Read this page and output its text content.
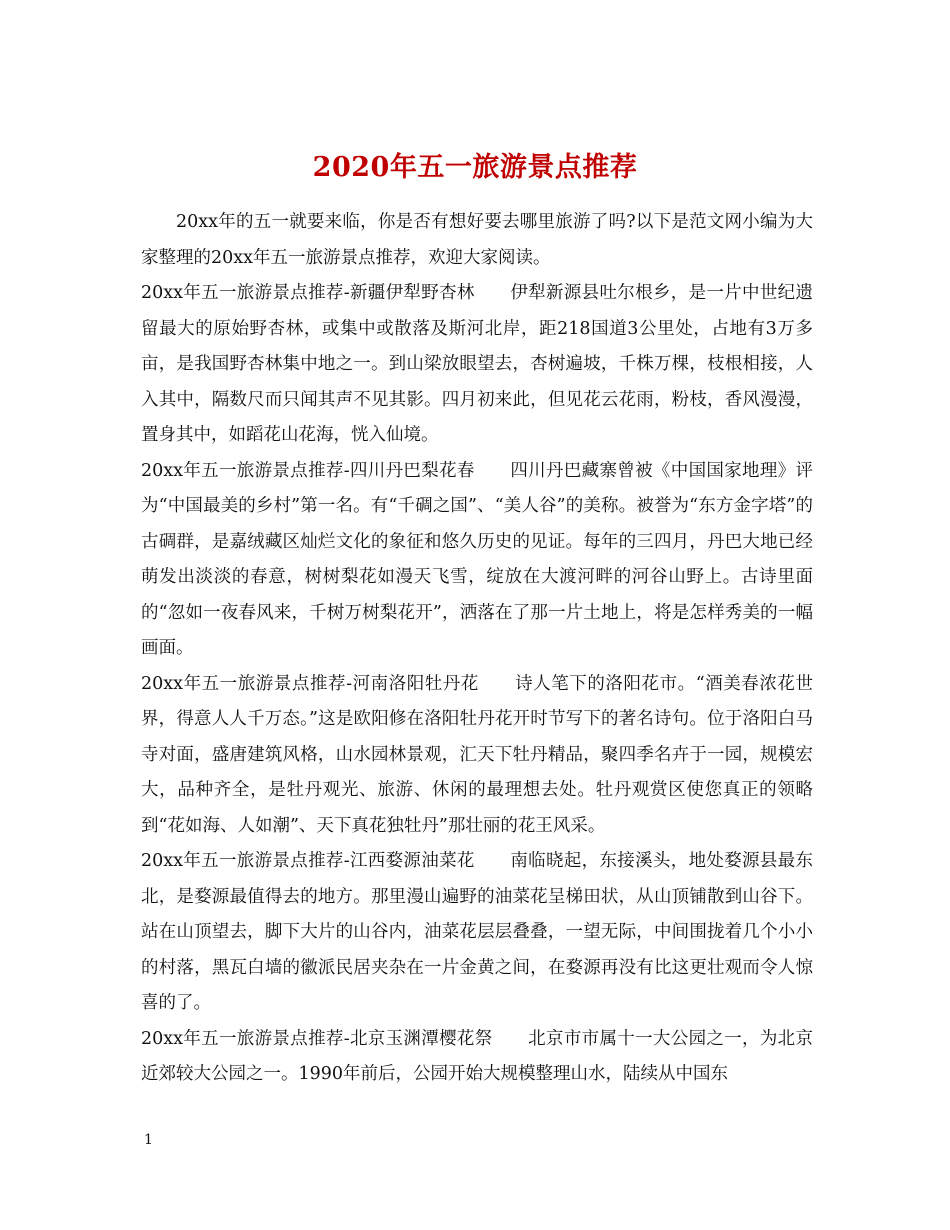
2020年五一旅游景点推荐

20xx年的五一就要来临，你是否有想好要去哪里旅游了吗?以下是范文网小编为大家整理的20xx年五一旅游景点推荐，欢迎大家阅读。

20xx年五一旅游景点推荐-新疆伊犁野杏林　　伊犁新源县吐尔根乡，是一片中世纪遗留最大的原始野杏林，或集中或散落及斯河北岸，距218国道3公里处，占地有3万多亩，是我国野杏林集中地之一。到山梁放眼望去，杏树遍坡，千株万棵，枝根相接，人入其中，隔数尺而只闻其声不见其影。四月初来此，但见花云花雨，粉枝，香风漫漫，置身其中，如蹈花山花海，恍入仙境。

20xx年五一旅游景点推荐-四川丹巴梨花春　　四川丹巴藏寨曾被《中国国家地理》评为“中国最美的乡村”第一名。有“千碉之国”、“美人谷”的美称。被誉为“东方金字塔”的古碉群，是嘉绒藏区灿烂文化的象征和悠久历史的见证。每年的三四月，丹巴大地已经萌发出淡淡的春意，树树梨花如漫天飞雪，绽放在大渡河畔的河谷山野上。古诗里面的“忽如一夜春风来，千树万树梨花开”，洒落在了那一片土地上，将是怎样秀美的一幅画面。

20xx年五一旅游景点推荐-河南洛阳牡丹花　　诗人笔下的洛阳花市。“酒美春浓花世界，得意人人千万态。”这是欧阳修在洛阳牡丹花开时节写下的著名诗句。位于洛阳白马寺对面，盛唐建筑风格，山水园林景观，汇天下牡丹精品，聚四季名卉于一园，规模宏大，品种齐全，是牡丹观光、旅游、休闲的最理想去处。牡丹观赏区使您真正的领略到“花如海、人如潮”、天下真花独牡丹”那壮丽的花王风采。

20xx年五一旅游景点推荐-江西婺源油菜花　　南临晓起，东接溪头，地处婺源县最东北，是婺源最值得去的地方。那里漫山遍野的油菜花呈梯田状，从山顶铺散到山谷下。站在山顶望去，脚下大片的山谷内，油菜花层层叠叠，一望无际，中间围拢着几个小小的村落，黑瓦白墙的徽派民居夹杂在一片金黄之间，在婺源再没有比这更壮观而令人惊喜的了。

20xx年五一旅游景点推荐-北京玉渊潭樱花祭　　北京市市属十一大公园之一，为北京近郊较大公园之一。1990年前后，公园开始大规模整理山水，陆续从中国东

1
